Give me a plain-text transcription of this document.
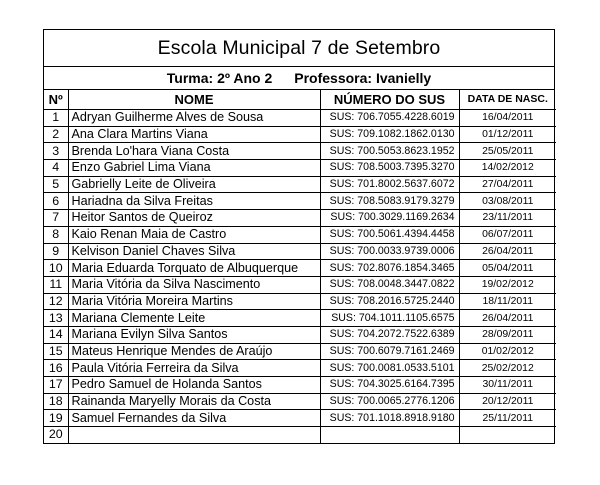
Escola Municipal 7 de Setembro
Turma: 2º Ano 2 Professora: Ivanielly
Nº	NOME	NÚMERO DO SUS	DATA DE NASC.
1	Adryan Guilherme Alves de Sousa	SUS: 706.7055.4228.6019	16/04/2011
2	Ana Clara Martins Viana	SUS: 709.1082.1862.0130	01/12/2011
3	Brenda Lo'hara Viana Costa	SUS: 700.5053.8623.1952	25/05/2011
4	Enzo Gabriel Lima Viana	SUS: 708.5003.7395.3270	14/02/2012
5	Gabrielly Leite de Oliveira	SUS: 701.8002.5637.6072	27/04/2011
6	Hariadna da Silva Freitas	SUS: 708.5083.9179.3279	03/08/2011
7	Heitor Santos de Queiroz	SUS: 700.3029.1169.2634	23/11/2011
8	Kaio Renan Maia de Castro	SUS: 700.5061.4394.4458	06/07/2011
9	Kelvison Daniel Chaves Silva	SUS: 700.0033.9739.0006	26/04/2011
10	Maria Eduarda Torquato de Albuquerque	SUS: 702.8076.1854.3465	05/04/2011
11	Maria Vitória da Silva Nascimento	SUS: 708.0048.3447.0822	19/02/2012
12	Maria Vitória Moreira Martins	SUS: 708.2016.5725.2440	18/11/2011
13	Mariana Clemente Leite	SUS: 704.1011.1105.6575	26/04/2011
14	Mariana Evilyn Silva Santos	SUS: 704.2072.7522.6389	28/09/2011
15	Mateus Henrique Mendes de Araújo	SUS: 700.6079.7161.2469	01/02/2012
16	Paula Vitória Ferreira da Silva	SUS: 700.0081.0533.5101	25/02/2012
17	Pedro Samuel de Holanda Santos	SUS: 704.3025.6164.7395	30/11/2011
18	Rainanda Maryelly Morais da Costa	SUS: 700.0065.2776.1206	20/12/2011
19	Samuel Fernandes da Silva	SUS: 701.1018.8918.9180	25/11/2011
20			
